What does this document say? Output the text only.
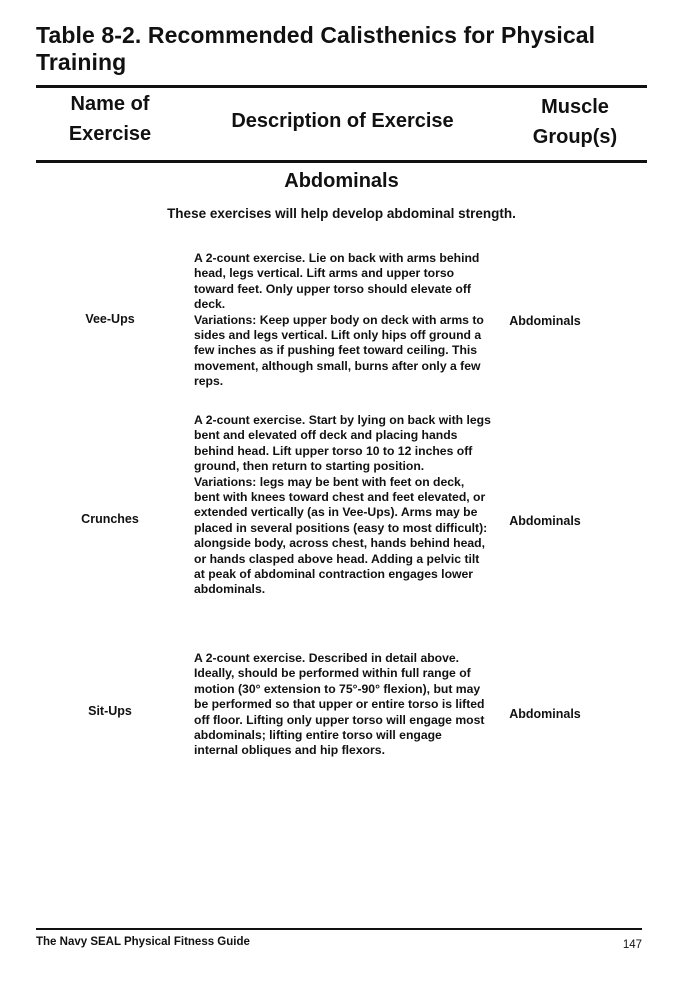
Table 8-2. Recommended Calisthenics for Physical
Training
Name of
Exercise
Description of Exercise
Muscle
Group(s)
Abdominals
These exercises will help develop abdominal strength.
Vee-Ups

A 2-count exercise. Lie on back with arms behind head, legs vertical. Lift arms and upper torso toward feet. Only upper torso should elevate off deck.

Variations: Keep upper body on deck with arms to sides and legs vertical. Lift only hips off ground a few inches as if pushing feet toward ceiling. This movement, although small, burns after only a few reps.

Abdominals
Crunches

A 2-count exercise. Start by lying on back with legs bent and elevated off deck and placing hands behind head. Lift upper torso 10 to 12 inches off ground, then return to starting position.

Variations: legs may be bent with feet on deck, bent with knees toward chest and feet elevated, or extended vertically (as in Vee-Ups). Arms may be placed in several positions (easy to most difficult): alongside body, across chest, hands behind head, or hands clasped above head. Adding a pelvic tilt at peak of abdominal contraction engages lower abdominals.

Abdominals
Sit-Ups

A 2-count exercise. Described in detail above. Ideally, should be performed within full range of motion (30° extension to 75°-90° flexion), but may be performed so that upper or entire torso is lifted off floor. Lifting only upper torso will engage most abdominals; lifting entire torso will engage internal obliques and hip flexors.

Abdominals
The Navy SEAL Physical Fitness Guide	147
